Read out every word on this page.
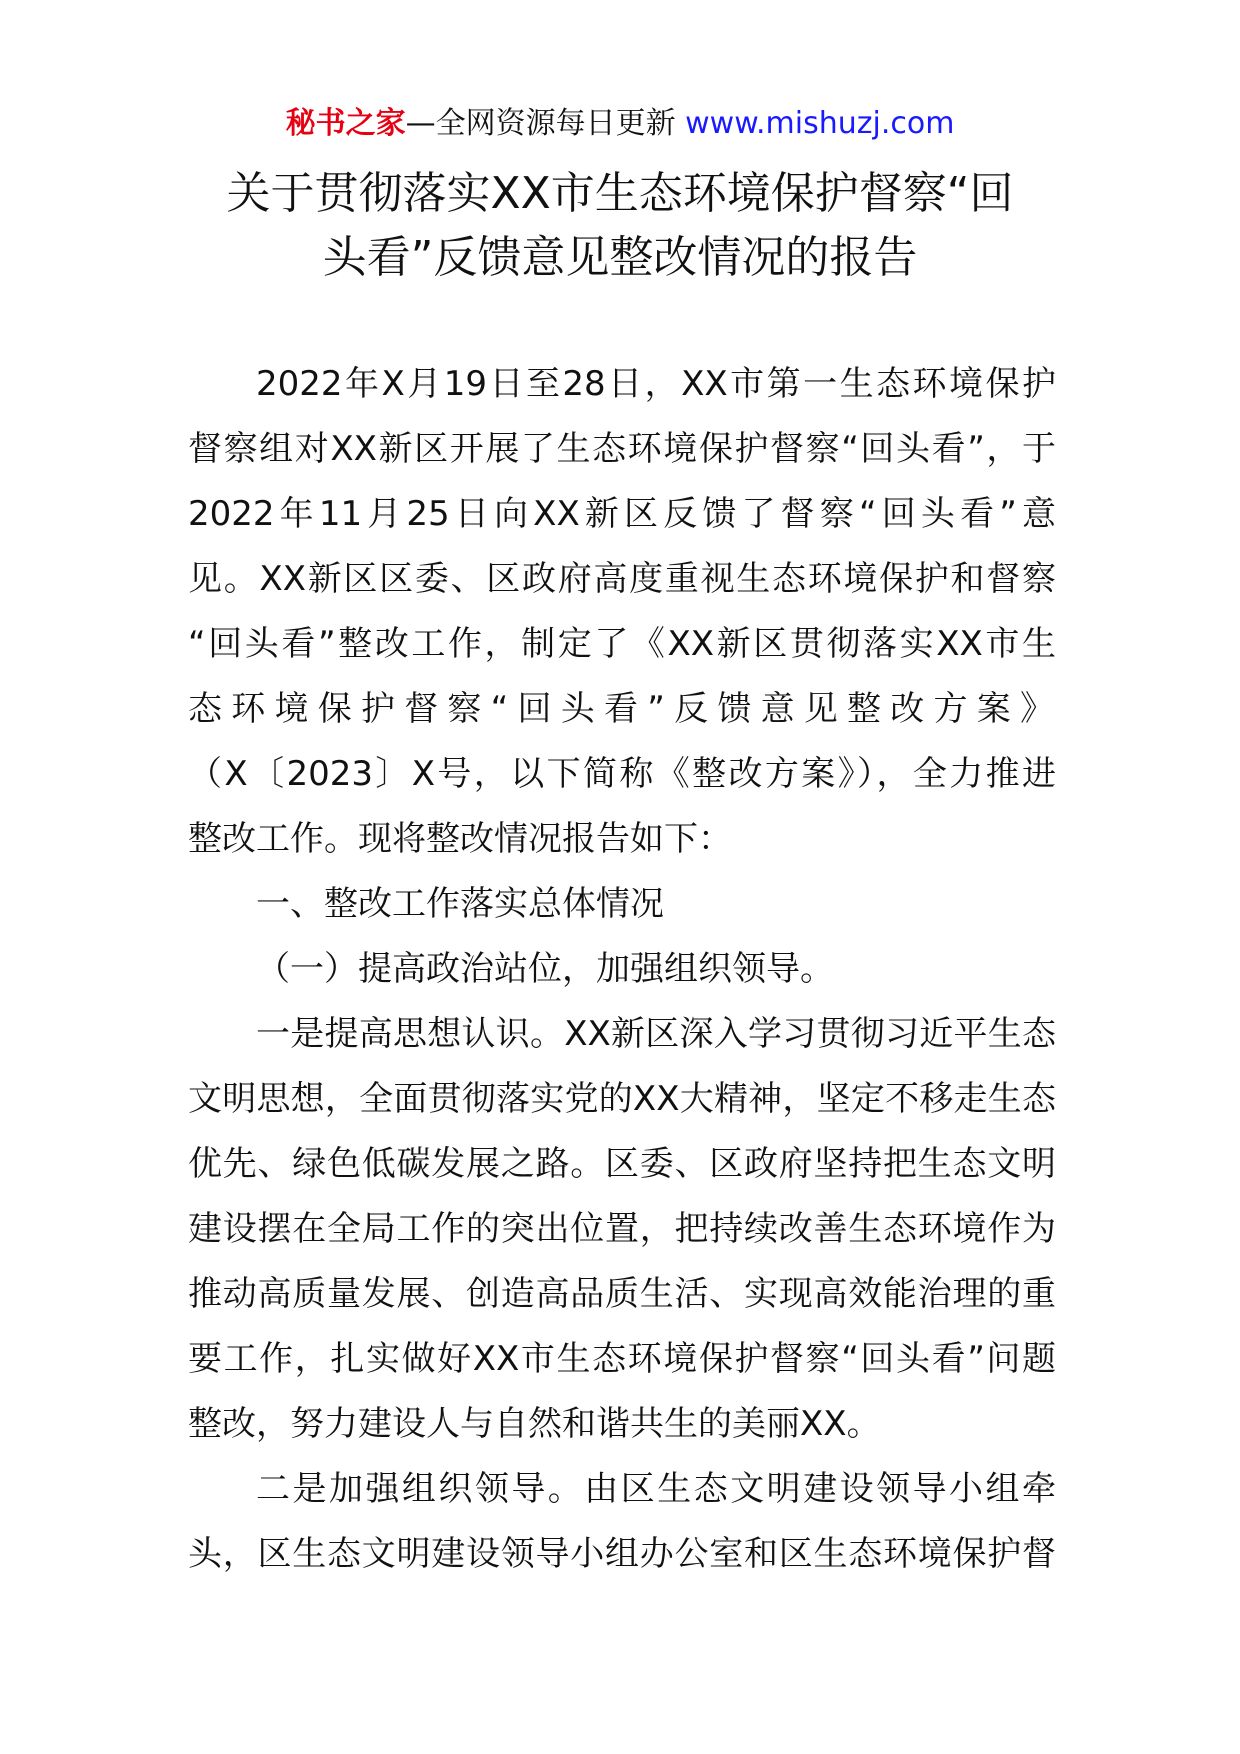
秘书之家—全网资源每日更新 www.mishuzj.com
关于贯彻落实XX市生态环境保护督察“回
头看”反馈意见整改情况的报告
2022年X月19日至28日，XX市第一生态环境保护
督察组对XX新区开展了生态环境保护督察“回头看”，于
2022年11月25日向XX新区反馈了督察“回头看”意
见。XX新区区委、区政府高度重视生态环境保护和督察
“回头看”整改工作，制定了《XX新区贯彻落实XX市生
态环境保护督察“回头看”反馈意见整改方案》
（X〔2023〕X号，以下简称《整改方案》），全力推进
整改工作。现将整改情况报告如下：
一、整改工作落实总体情况
（一）提高政治站位，加强组织领导。
一是提高思想认识。XX新区深入学习贯彻习近平生态
文明思想，全面贯彻落实党的XX大精神，坚定不移走生态
优先、绿色低碳发展之路。区委、区政府坚持把生态文明
建设摆在全局工作的突出位置，把持续改善生态环境作为
推动高质量发展、创造高品质生活、实现高效能治理的重
要工作，扎实做好XX市生态环境保护督察“回头看”问题
整改，努力建设人与自然和谐共生的美丽XX。
二是加强组织领导。由区生态文明建设领导小组牵
头，区生态文明建设领导小组办公室和区生态环境保护督
